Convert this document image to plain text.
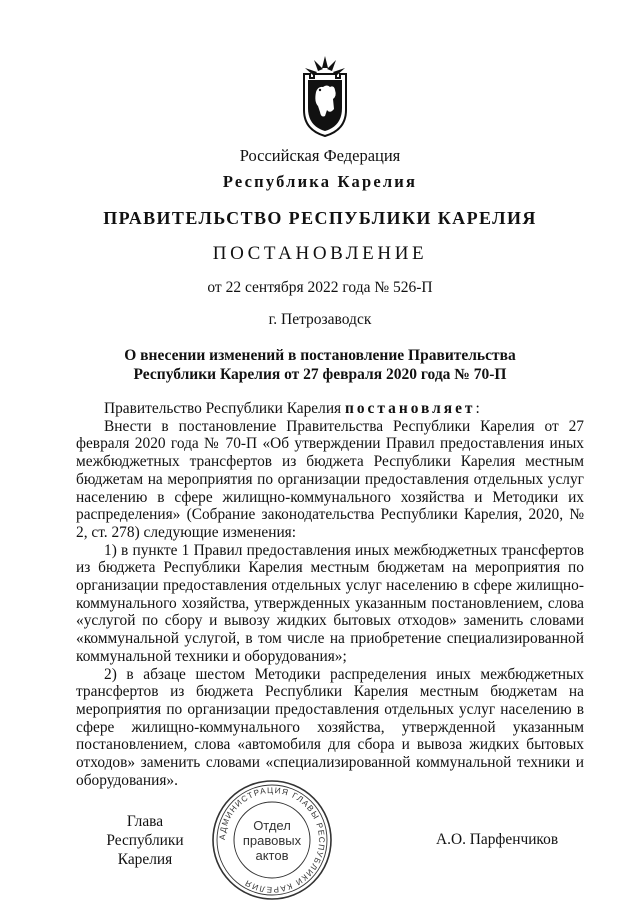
Российская Федерация
Республика Карелия
ПРАВИТЕЛЬСТВО РЕСПУБЛИКИ КАРЕЛИЯ
ПОСТАНОВЛЕНИЕ
от 22 сентября 2022 года № 526-П
г. Петрозаводск
О внесении изменений в постановление Правительства
Республики Карелия от 27 февраля 2020 года № 70-П

Правительство Республики Карелия постановляет:

Внести в постановление Правительства Республики Карелия от 27 февраля 2020 года № 70-П «Об утверждении Правил предоставления иных межбюджетных трансфертов из бюджета Республики Карелия местным бюджетам на мероприятия по организации предоставления отдельных услуг населению в сфере жилищно-коммунального хозяйства и Методики их распределения» (Собрание законодательства Республики Карелия, 2020, № 2, ст. 278) следующие изменения:

1) в пункте 1 Правил предоставления иных межбюджетных трансфертов из бюджета Республики Карелия местным бюджетам на мероприятия по организации предоставления отдельных услуг населению в сфере жилищно-коммунального хозяйства, утвержденных указанным постановлением, слова «услугой по сбору и вывозу жидких бытовых отходов» заменить словами «коммунальной услугой, в том числе на приобретение специализированной коммунальной техники и оборудования»;

2) в абзаце шестом Методики распределения иных межбюджетных трансфертов из бюджета Республики Карелия местным бюджетам на мероприятия по организации предоставления отдельных услуг населению в сфере жилищно-коммунального хозяйства, утвержденной указанным постановлением, слова «автомобиля для сбора и вывоза жидких бытовых отходов» заменить словами «специализированной коммунальной техники и оборудования».

Глава
Республики Карелия
А.О. Парфенчиков
АДМИНИСТРАЦИЯ ГЛАВЫ РЕСПУБЛИКИ КАРЕЛИЯ
Отдел
правовых
актов
